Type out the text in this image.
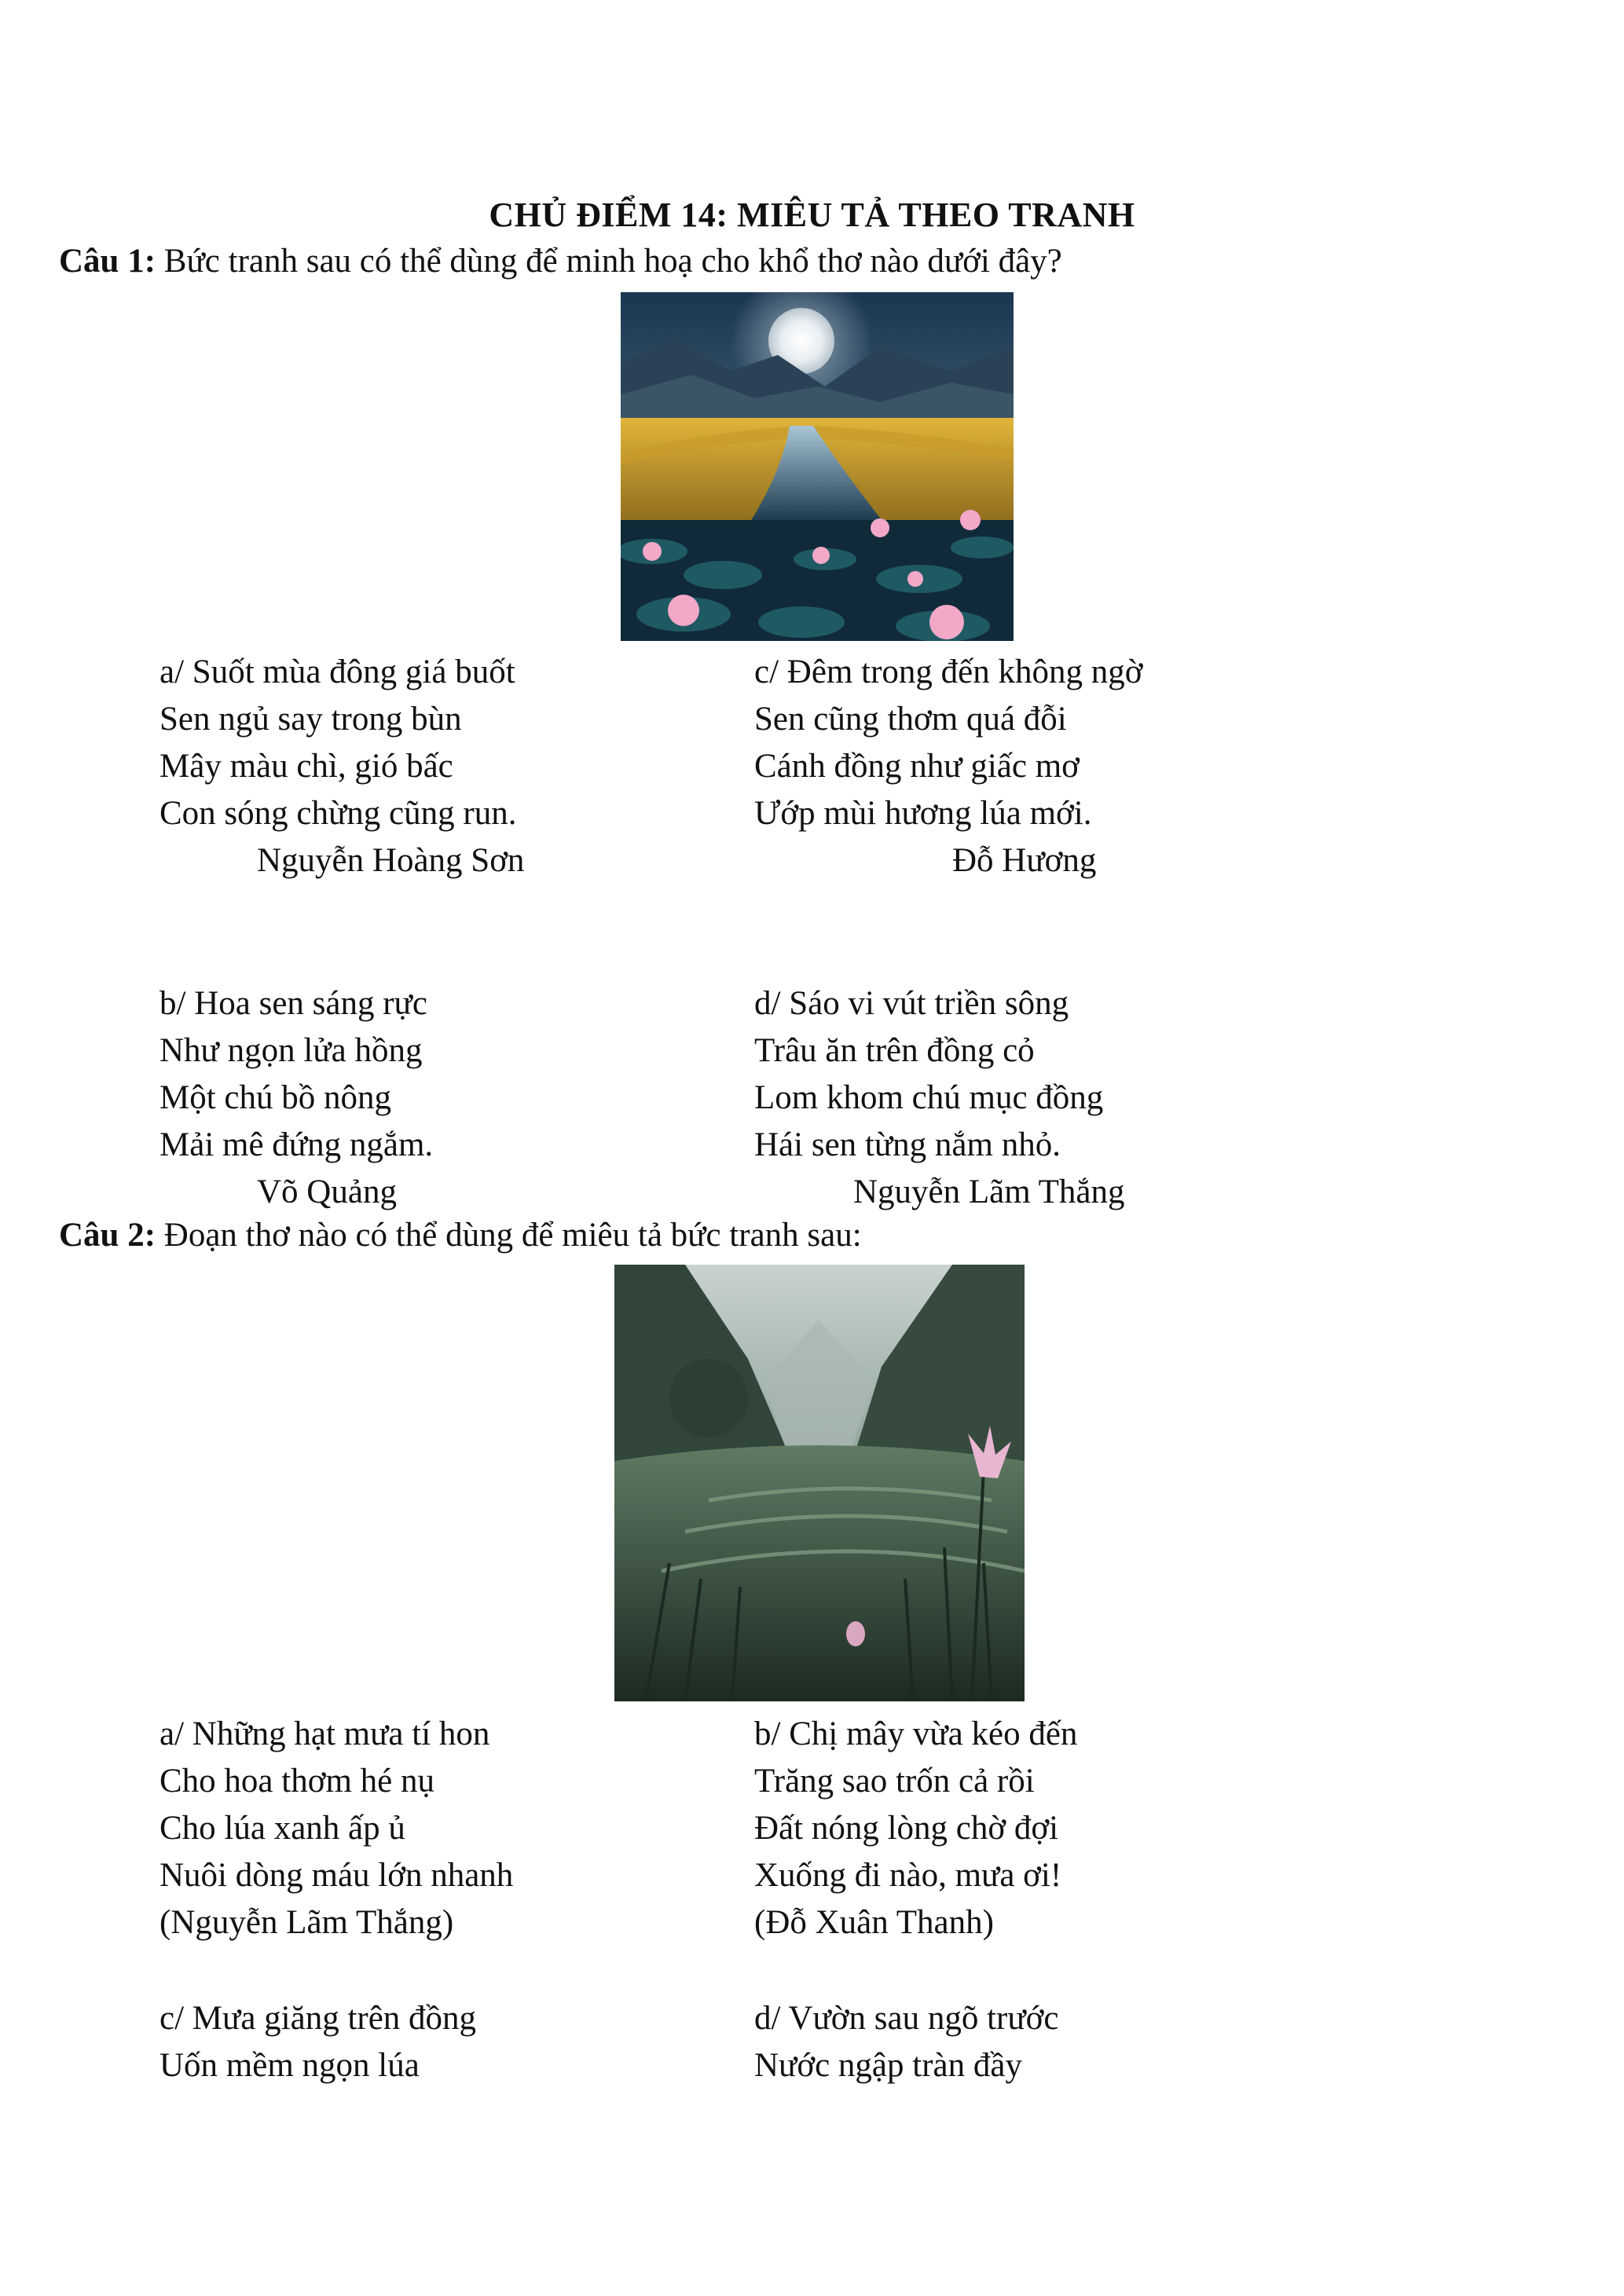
CHỦ ĐIỂM 14: MIÊU TẢ THEO TRANH
Câu 1: Bức tranh sau có thể dùng để minh hoạ cho khổ thơ nào dưới đây?
a/ Suốt mùa đông giá buốt
Sen ngủ say trong bùn
Mây màu chì, gió bấc
Con sóng chừng cũng run.
Nguyễn Hoàng Sơn
c/ Đêm trong đến không ngờ
Sen cũng thơm quá đỗi
Cánh đồng như giấc mơ
Ướp mùi hương lúa mới.
Đỗ Hương
b/ Hoa sen sáng rực
Như ngọn lửa hồng
Một chú bồ nông
Mải mê đứng ngắm.
Võ Quảng
d/ Sáo vi vút triền sông
Trâu ăn trên đồng cỏ
Lom khom chú mục đồng
Hái sen từng nắm nhỏ.
Nguyễn Lãm Thắng
Câu 2: Đoạn thơ nào có thể dùng để miêu tả bức tranh sau:
a/ Những hạt mưa tí hon
Cho hoa thơm hé nụ
Cho lúa xanh ấp ủ
Nuôi dòng máu lớn nhanh
(Nguyễn Lãm Thắng)
b/ Chị mây vừa kéo đến
Trăng sao trốn cả rồi
Đất nóng lòng chờ đợi
Xuống đi nào, mưa ơi!
(Đỗ Xuân Thanh)
c/ Mưa giăng trên đồng
Uốn mềm ngọn lúa
d/ Vườn sau ngõ trước
Nước ngập tràn đầy
